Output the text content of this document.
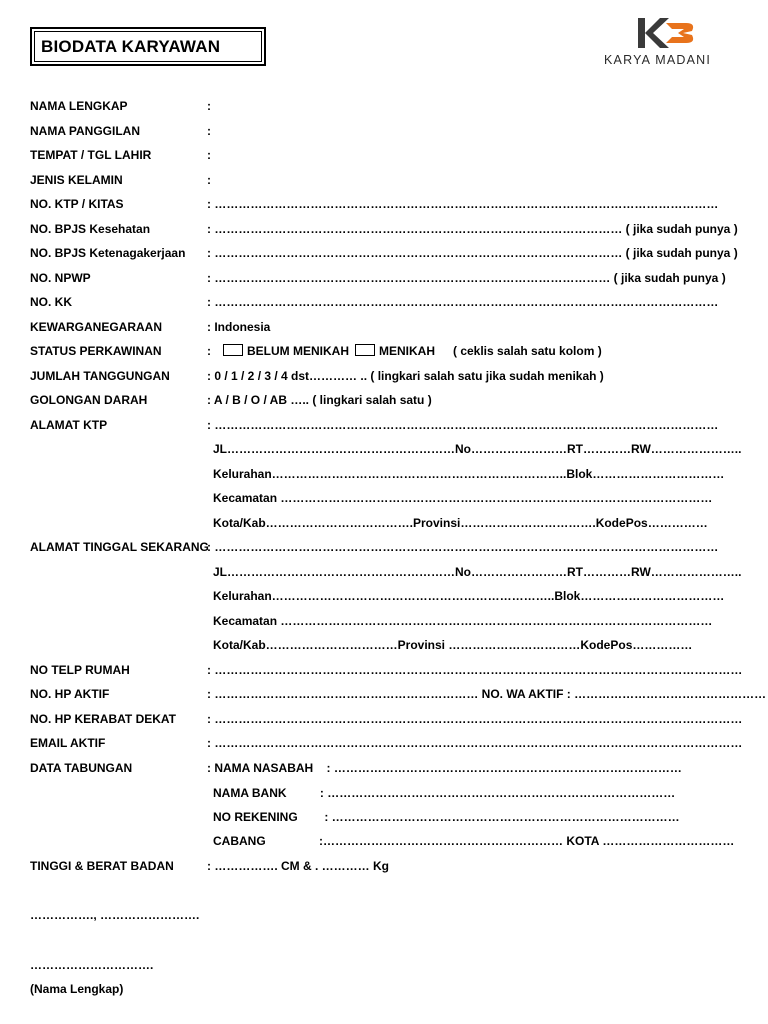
BIODATA KARYAWAN
KARYA MADANI
NAMA LENGKAP	:
NAMA PANGGILAN	:
TEMPAT / TGL LAHIR	:
JENIS KELAMIN	:
NO. KTP / KITAS	: ………………………………………………………………………………………………………………
NO. BPJS Kesehatan	: ………………………………………………………………………………………… ( jika sudah punya )
NO. BPJS Ketenagakerjaan : ………………………………………………………………………………………… ( jika sudah punya )
NO. NPWP	: ……………………………………………………………………………………… ( jika sudah punya )
NO. KK	: ………………………………………………………………………………………………………………
KEWARGANEGARAAN	: Indonesia
STATUS PERKAWINAN	:	BELUM MENIKAH	MENIKAH ( ceklis salah satu kolom )
JUMLAH TANGGUNGAN	: 0 / 1 / 2 / 3 / 4 dst………… .. ( lingkari salah satu jika sudah menikah )
GOLONGAN DARAH	: A / B / O / AB ….. ( lingkari salah satu )
ALAMAT KTP	: ………………………………………………………………………………………………………………
JL…………………………………………………No……………………RT…………RW…………………..
Kelurahan………………………………………………………………..Blok……………………………
Kecamatan ………………………………………………………………………………………………
Kota/Kab……………………………….Provinsi…………………………….KodePos……………
ALAMAT TINGGAL SEKARANG
: ………………………………………………………………………………………………………………
JL…………………………………………………No……………………RT…………RW…………………..
Kelurahan……………………………………………………………..Blok………………………………
Kecamatan ………………………………………………………………………………………………
Kota/Kab……………………………Provinsi ……………………………KodePos……………
NO TELP RUMAH	: ……………………………………………………………………………………………………………………
NO. HP AKTIF	: ………………………………………………………… NO. WA AKTIF : …………………………………………
NO. HP KERABAT DEKAT	: ……………………………………………………………………………………………………………………
EMAIL AKTIF	: ……………………………………………………………………………………………………………………
DATA TABUNGAN	: NAMA NASABAH    : ……………………………………………………………………………
NAMA BANK          : ……………………………………………………………………………
NO REKENING        : ……………………………………………………………………………
CABANG                :…………………………………………………… KOTA ……………………………
TINGGI & BERAT BADAN	: ……………. CM & . ………… Kg
……………., …………………….
………………………….
(Nama Lengkap)
